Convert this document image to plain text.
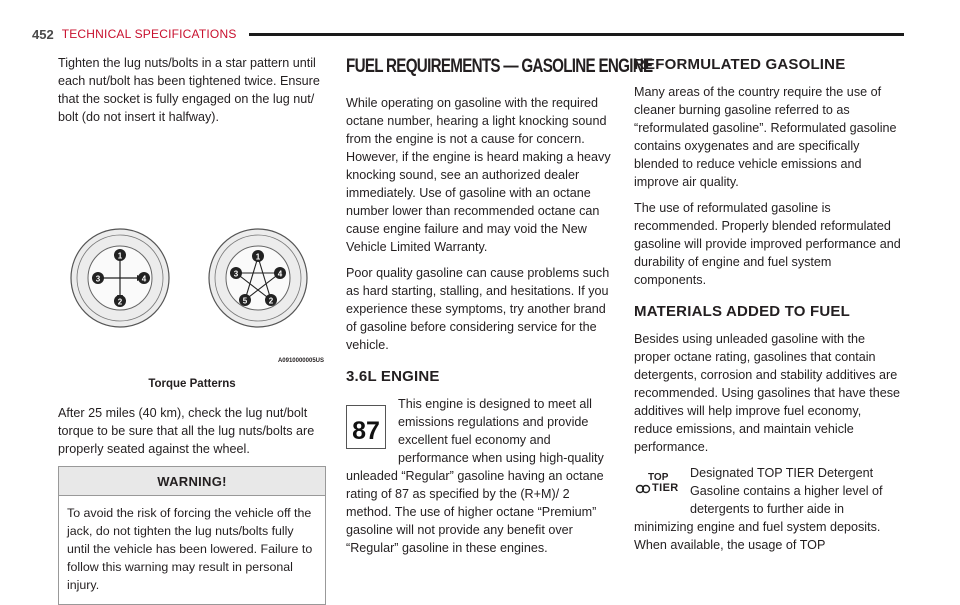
452 TECHNICAL SPECIFICATIONS

Tighten the lug nuts/bolts in a star pattern until each nut/bolt has been tightened twice. Ensure that the socket is fully engaged on the lug nut/ bolt (do not insert it halfway).

1
4
2
3
1
4
2
5
3
A0910000005US
Torque Patterns

After 25 miles (40 km), check the lug nut/bolt torque to be sure that all the lug nuts/bolts are properly seated against the wheel.

WARNING!
To avoid the risk of forcing the vehicle off the jack, do not tighten the lug nuts/bolts fully until the vehicle has been lowered. Failure to follow this warning may result in personal injury.
FUEL REQUIREMENTS — GASOLINE ENGINE

While operating on gasoline with the required octane number, hearing a light knocking sound from the engine is not a cause for concern. However, if the engine is heard making a heavy knocking sound, see an authorized dealer immediately. Use of gasoline with an octane number lower than recommended octane can cause engine failure and may void the New Vehicle Limited Warranty.

Poor quality gasoline can cause problems such as hard starting, stalling, and hesitations. If you experience these symptoms, try another brand of gasoline before considering service for the vehicle.

3.6L ENGINE
87

This engine is designed to meet all emissions regulations and provide excellent fuel economy and performance when using high-quality unleaded “Regular” gasoline having an octane rating of 87 as specified by the (R+M)/ 2 method. The use of higher octane “Premium” gasoline will not provide any benefit over “Regular” gasoline in these engines.

REFORMULATED GASOLINE

Many areas of the country require the use of cleaner burning gasoline referred to as “reformulated gasoline”. Reformulated gasoline contains oxygenates and are specifically blended to reduce vehicle emissions and improve air quality.

The use of reformulated gasoline is recommended. Properly blended reformulated gasoline will provide improved performance and durability of engine and fuel system components.

MATERIALS ADDED TO FUEL

Besides using unleaded gasoline with the proper octane rating, gasolines that contain detergents, corrosion and stability additives are recommended. Using gasolines that have these additives will help improve fuel economy, reduce emissions, and maintain vehicle performance.

TOP
TIER

Designated TOP TIER Detergent Gasoline contains a higher level of detergents to further aide in minimizing engine and fuel system deposits. When available, the usage of TOP
